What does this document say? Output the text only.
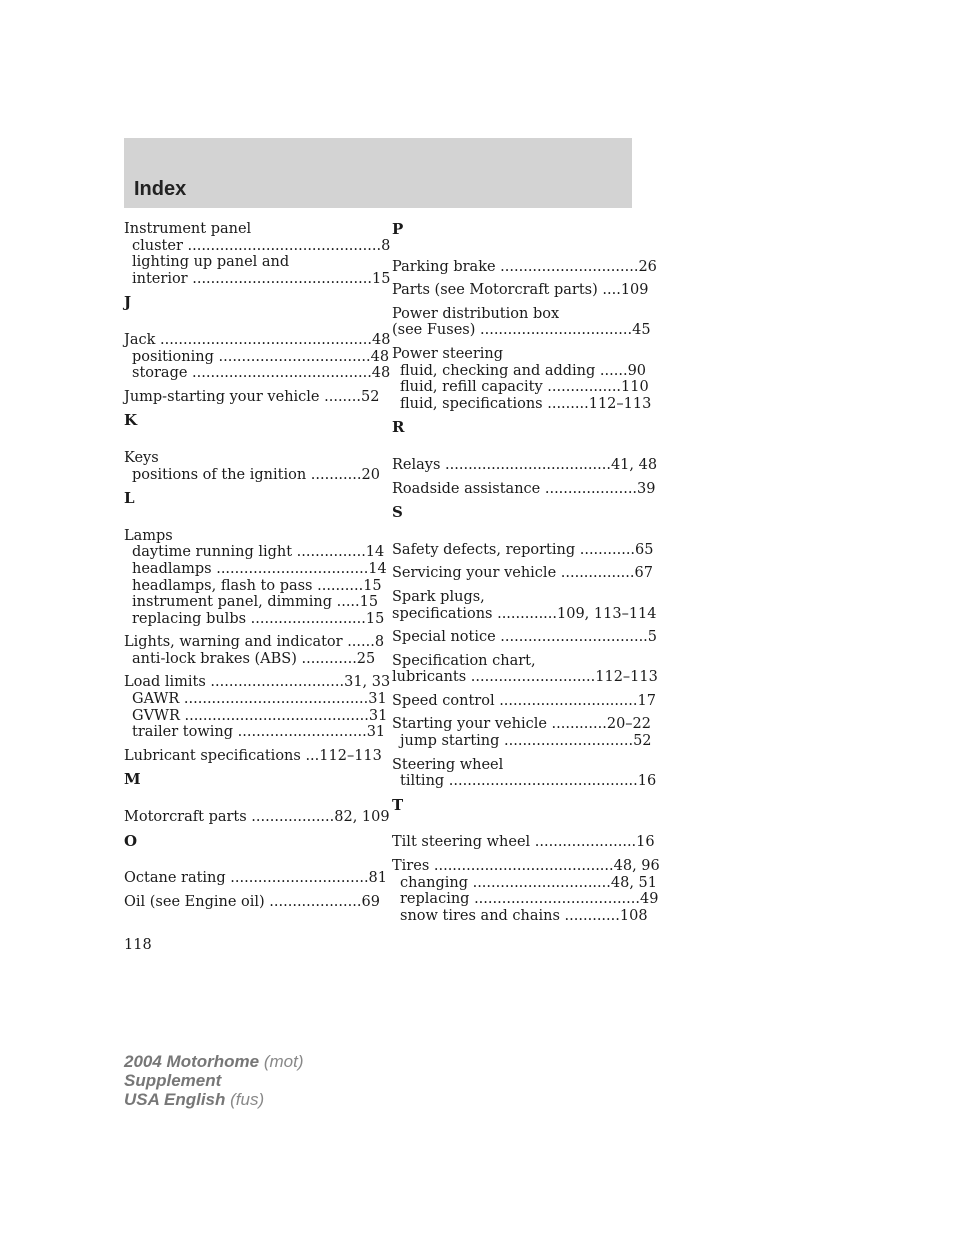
Index
Instrument panel
cluster ..........................................8
lighting up panel and
interior .......................................15
J
Jack ..............................................48
positioning .................................48
storage .......................................48
Jump-starting your vehicle ........52
K
Keys
positions of the ignition ...........20
L
Lamps
daytime running light ...............14
headlamps .................................14
headlamps, flash to pass ..........15
instrument panel, dimming .....15
replacing bulbs .........................15
Lights, warning and indicator ......8
anti-lock brakes (ABS) ............25
Load limits .............................31, 33
GAWR ........................................31
GVWR ........................................31
trailer towing ............................31
Lubricant specifications ...112–113
M
Motorcraft parts ..................82, 109
O
Octane rating ..............................81
Oil (see Engine oil) ....................69
P
Parking brake ..............................26
Parts (see Motorcraft parts) ....109
Power distribution box
(see Fuses) .................................45
Power steering
fluid, checking and adding ......90
fluid, refill capacity ................110
fluid, specifications .........112–113
R
Relays ....................................41, 48
Roadside assistance ....................39
S
Safety defects, reporting ............65
Servicing your vehicle ................67
Spark plugs,
specifications .............109, 113–114
Special notice ................................5
Specification chart,
lubricants ...........................112–113
Speed control ..............................17
Starting your vehicle ............20–22
jump starting ............................52
Steering wheel
tilting .........................................16
T
Tilt steering wheel ......................16
Tires .......................................48, 96
changing ..............................48, 51
replacing ....................................49
snow tires and chains ............108
118
2004 Motorhome (mot)
Supplement
USA English (fus)
